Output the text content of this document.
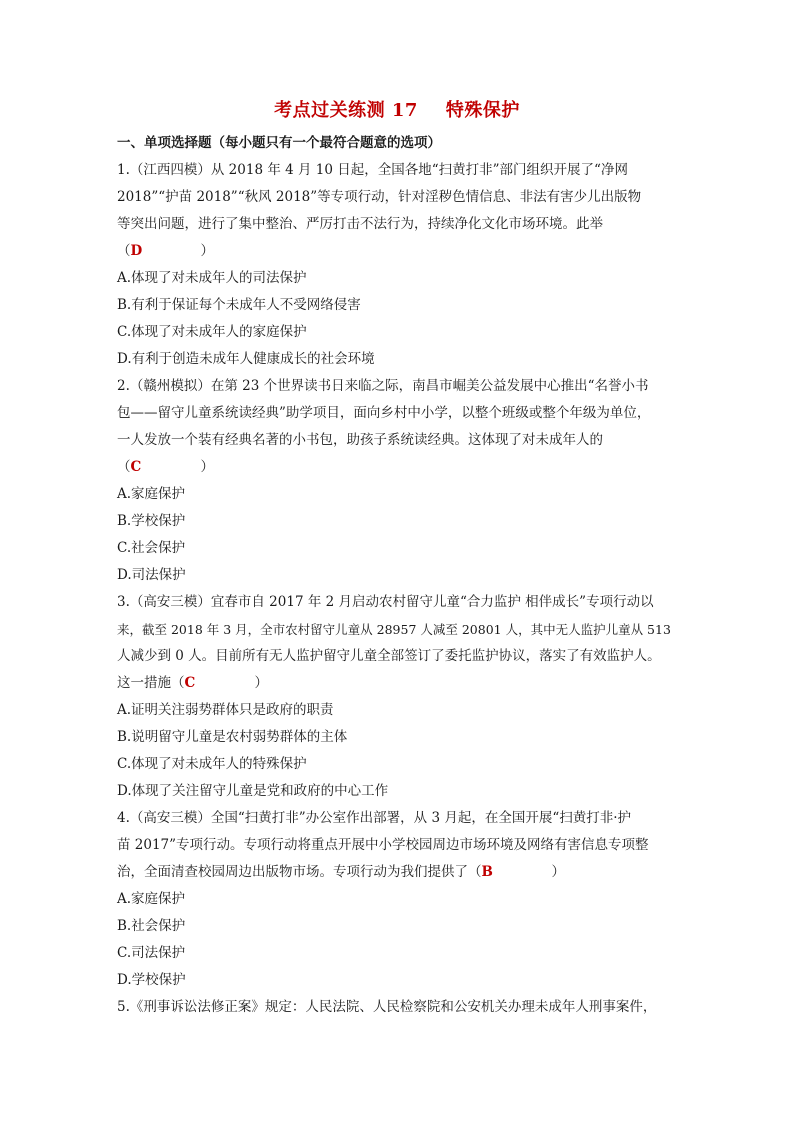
考点过关练测 17 特殊保护
一、单项选择题（每小题只有一个最符合题意的选项）
1.（江西四模）从 2018 年 4 月 10 日起，全国各地“扫黄打非”部门组织开展了“净网
2018”“护苗 2018”“秋风 2018”等专项行动，针对淫秽色情信息、非法有害少儿出版物
等突出问题，进行了集中整治、严厉打击不法行为，持续净化文化市场环境。此举
（D	）
A.体现了对未成年人的司法保护
B.有利于保证每个未成年人不受网络侵害
C.体现了对未成年人的家庭保护
D.有利于创造未成年人健康成长的社会环境
2.（赣州模拟）在第 23 个世界读书日来临之际，南昌市崛美公益发展中心推出“名誉小书
包——留守儿童系统读经典”助学项目，面向乡村中小学，以整个班级或整个年级为单位，
一人发放一个装有经典名著的小书包，助孩子系统读经典。这体现了对未成年人的
（C	）
A.家庭保护
B.学校保护
C.社会保护
D.司法保护
3.（高安三模）宜春市自 2017 年 2 月启动农村留守儿童“合力监护 相伴成长”专项行动以
来，截至 2018 年 3 月，全市农村留守儿童从 28957 人减至 20801 人，其中无人监护儿童从 513
人减少到 0 人。目前所有无人监护留守儿童全部签订了委托监护协议，落实了有效监护人。
这一措施（C	）
A.证明关注弱势群体只是政府的职责
B.说明留守儿童是农村弱势群体的主体
C.体现了对未成年人的特殊保护
D.体现了关注留守儿童是党和政府的中心工作
4.（高安三模）全国“扫黄打非”办公室作出部署，从 3 月起，在全国开展“扫黄打非·护
苗 2017”专项行动。专项行动将重点开展中小学校园周边市场环境及网络有害信息专项整
治，全面清查校园周边出版物市场。专项行动为我们提供了（B	）
A.家庭保护
B.社会保护
C.司法保护
D.学校保护
5.《刑事诉讼法修正案》规定：人民法院、人民检察院和公安机关办理未成年人刑事案件，
